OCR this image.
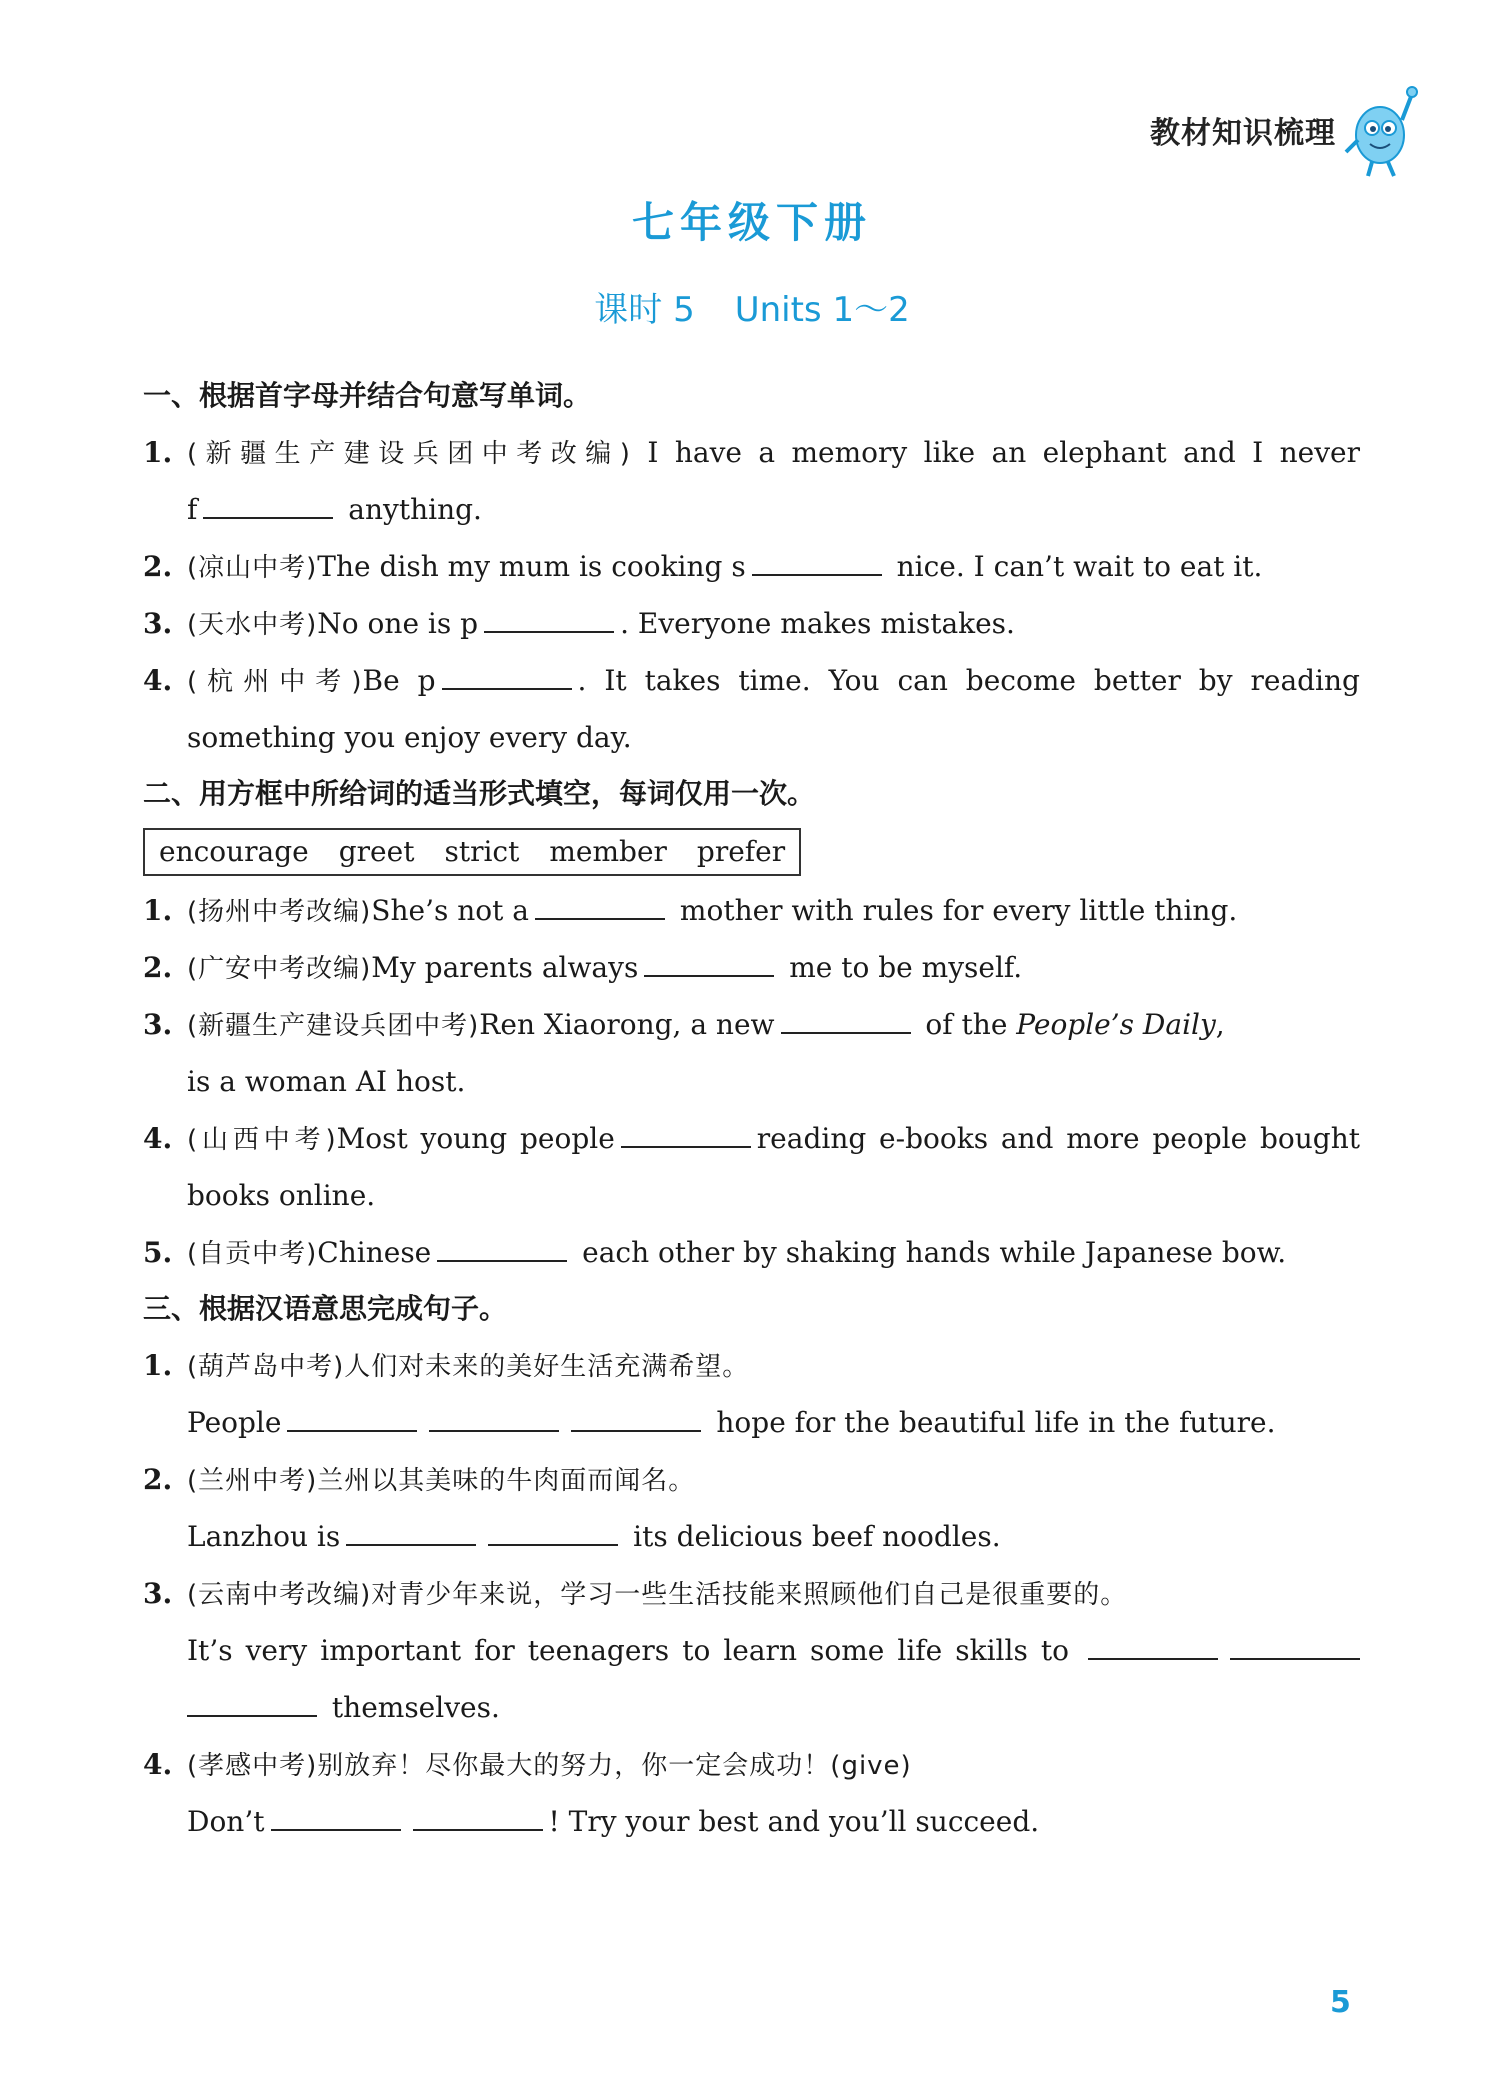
教材知识梳理
七年级下册
课时 5 Units 1～2
一、根据首字母并结合句意写单词。
1. (新疆生产建设兵团中考改编) I have a memory like an elephant and I never
f	anything.
2. (凉山中考)The dish my mum is cooking s	nice. I can’t wait to eat it.
3. (天水中考)No one is p	. Everyone makes mistakes.
4. (杭州中考)Be p	. It takes time. You can become better by reading
something you enjoy every day.
二、用方框中所给词的适当形式填空，每词仅用一次。
encourage greet strict member prefer
1. (扬州中考改编)She’s not a	mother with rules for every little thing.
2. (广安中考改编)My parents always	me to be myself.
3. (新疆生产建设兵团中考)Ren Xiaorong, a new	of the People’s Daily,
is a woman AI host.
4. (山西中考)Most young people	reading e-books and more people bought
books online.
5. (自贡中考)Chinese	each other by shaking hands while Japanese bow.
三、根据汉语意思完成句子。
1. (葫芦岛中考)人们对未来的美好生活充满希望。
People	hope for the beautiful life in the future.
2. (兰州中考)兰州以其美味的牛肉面而闻名。
Lanzhou is	its delicious beef noodles.
3. (云南中考改编)对青少年来说，学习一些生活技能来照顾他们自己是很重要的。
It’s very important for teenagers to learn some life skills to
themselves.
4. (孝感中考)别放弃！尽你最大的努力，你一定会成功！(give)
Don’t	! Try your best and you’ll succeed.
5
